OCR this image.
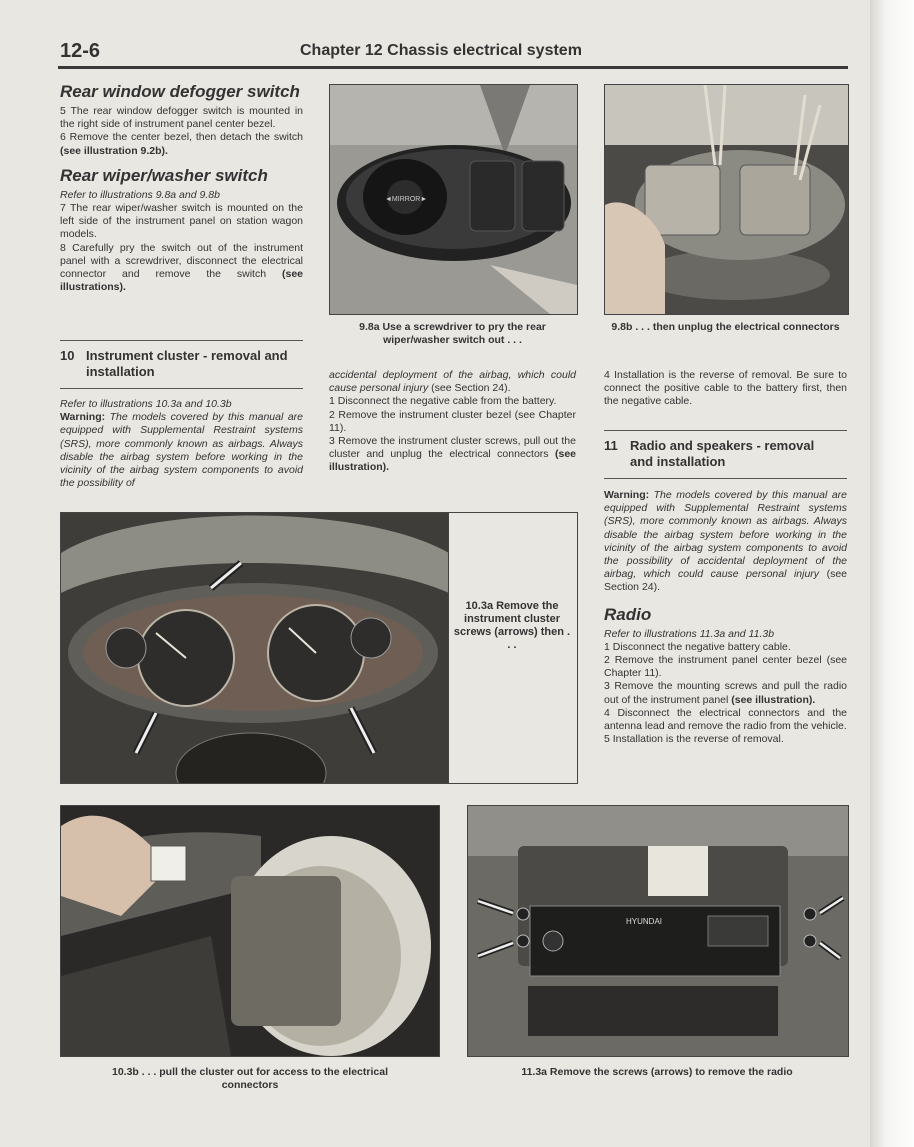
12-6	Chapter 12 Chassis electrical system
Rear window defogger switch

5 The rear window defogger switch is mounted in the right side of instrument panel center bezel.

6 Remove the center bezel, then detach the switch (see illustration 9.2b).

Rear wiper/washer switch

Refer to illustrations 9.8a and 9.8b

7 The rear wiper/washer switch is mounted on the left side of the instrument panel on station wagon models.

8 Carefully pry the switch out of the instrument panel with a screwdriver, disconnect the electrical connector and remove the switch (see illustrations).

10 Instrument cluster - removal and installation

Refer to illustrations 10.3a and 10.3b

Warning: The models covered by this manual are equipped with Supplemental Restraint systems (SRS), more commonly known as airbags. Always disable the airbag system before working in the vicinity of the airbag system components to avoid the possibility of

accidental deployment of the airbag, which could cause personal injury (see Section 24).

1 Disconnect the negative cable from the battery.

2 Remove the instrument cluster bezel (see Chapter 11).

3 Remove the instrument cluster screws, pull out the cluster and unplug the electrical connectors (see illustration).

4 Installation is the reverse of removal. Be sure to connect the positive cable to the battery first, then the negative cable.

11 Radio and speakers - removal and installation

Warning: The models covered by this manual are equipped with Supplemental Restraint systems (SRS), more commonly known as airbags. Always disable the airbag system before working in the vicinity of the airbag system components to avoid the possibility of accidental deployment of the airbag, which could cause personal injury (see Section 24).

Radio

Refer to illustrations 11.3a and 11.3b

1 Disconnect the negative battery cable.

2 Remove the instrument panel center bezel (see Chapter 11).

3 Remove the mounting screws and pull the radio out of the instrument panel (see illustration).

4 Disconnect the electrical connectors and the antenna lead and remove the radio from the vehicle.

5 Installation is the reverse of removal.

◄MIRROR►
9.8a Use a screwdriver to pry the rear wiper/washer switch out . . .
9.8b . . . then unplug the electrical connectors
10.3a Remove the instrument cluster screws (arrows) then . . .
10.3b . . . pull the cluster out for access to the electrical connectors
HYUNDAI
11.3a Remove the screws (arrows) to remove the radio
